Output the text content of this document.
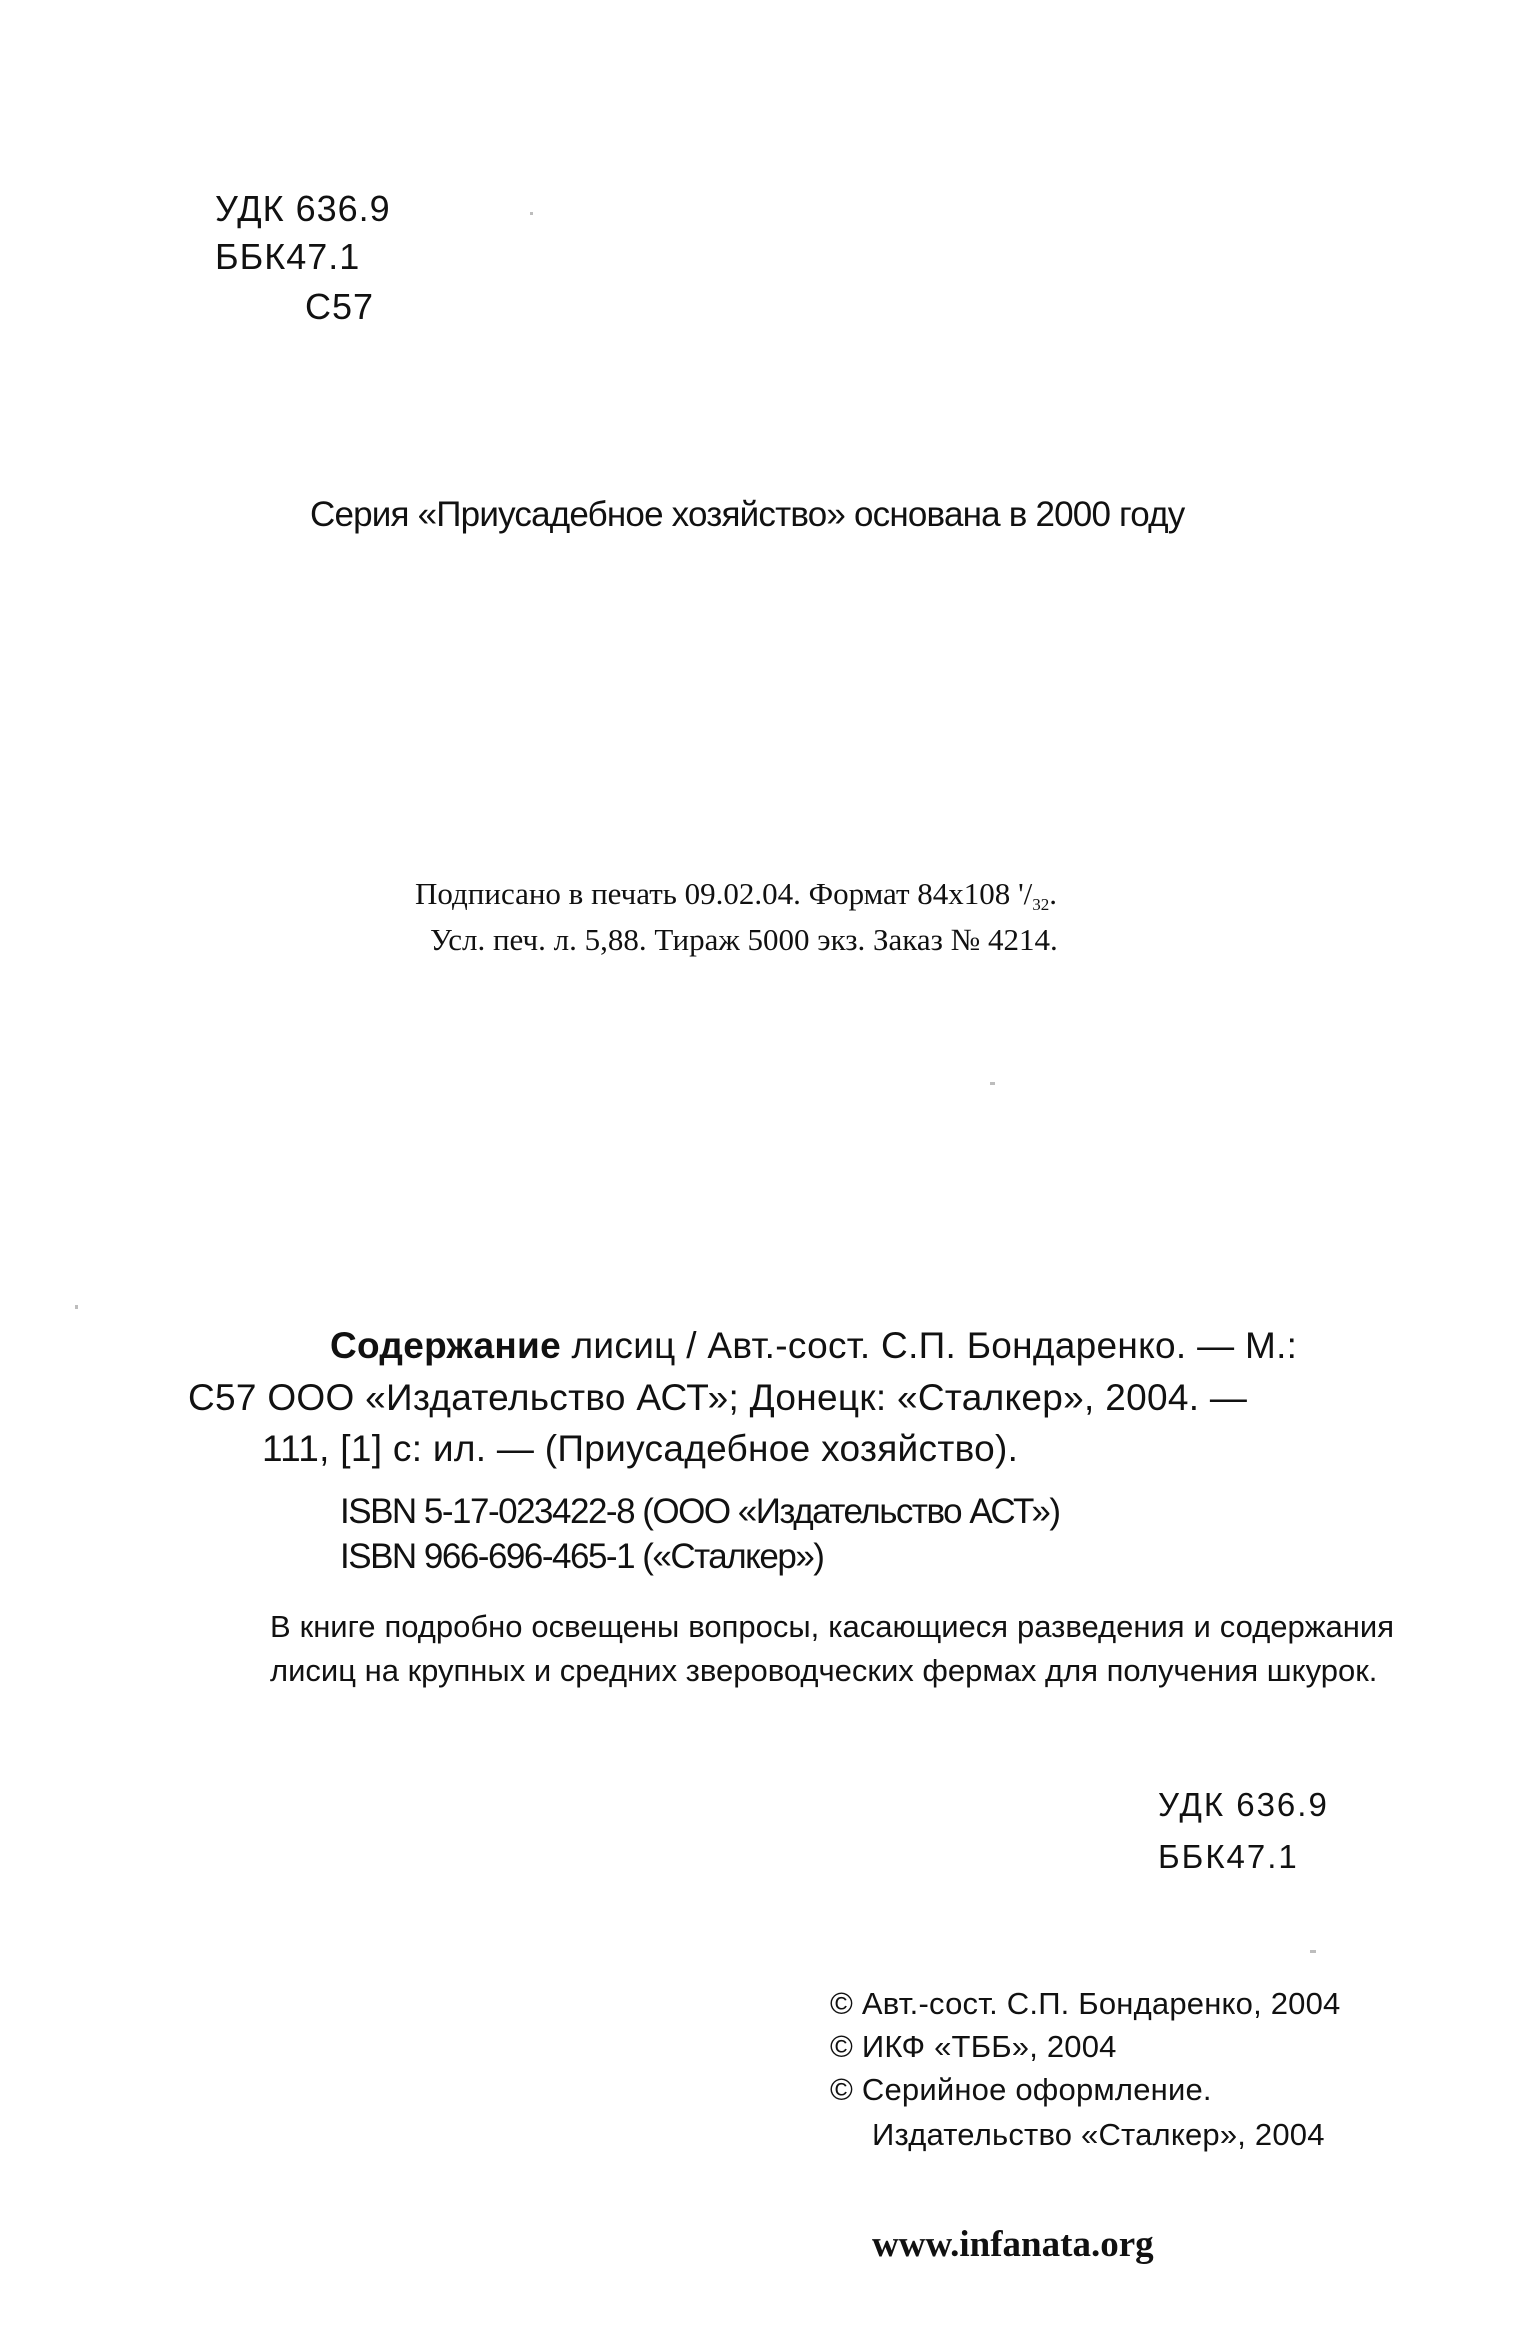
УДК 636.9
ББК47.1
С57
Серия «Приусадебное хозяйство» основана в 2000 году
Подписано в печать 09.02.04. Формат 84x108 '$/_{32}$.
Усл. печ. л. 5,88. Тираж 5000 экз. Заказ № 4214.
Содержание лисиц / Авт.-сост. С.П. Бондаренко. — М.:
С57 ООО «Издательство АСТ»; Донецк: «Сталкер», 2004. —
111, [1] с: ил. — (Приусадебное хозяйство).
ISBN 5-17-023422-8 (ООО «Издательство АСТ»)
ISBN 966-696-465-1 («Сталкер»)
В книге подробно освещены вопросы, касающиеся разведения и содержания лисиц на крупных и средних звероводческих фермах для получения шкурок.
УДК 636.9
ББК47.1
© Авт.-сост. С.П. Бондаренко, 2004
© ИКФ «ТББ», 2004
© Серийное оформление.
Издательство «Сталкер», 2004
www.infanata.org
